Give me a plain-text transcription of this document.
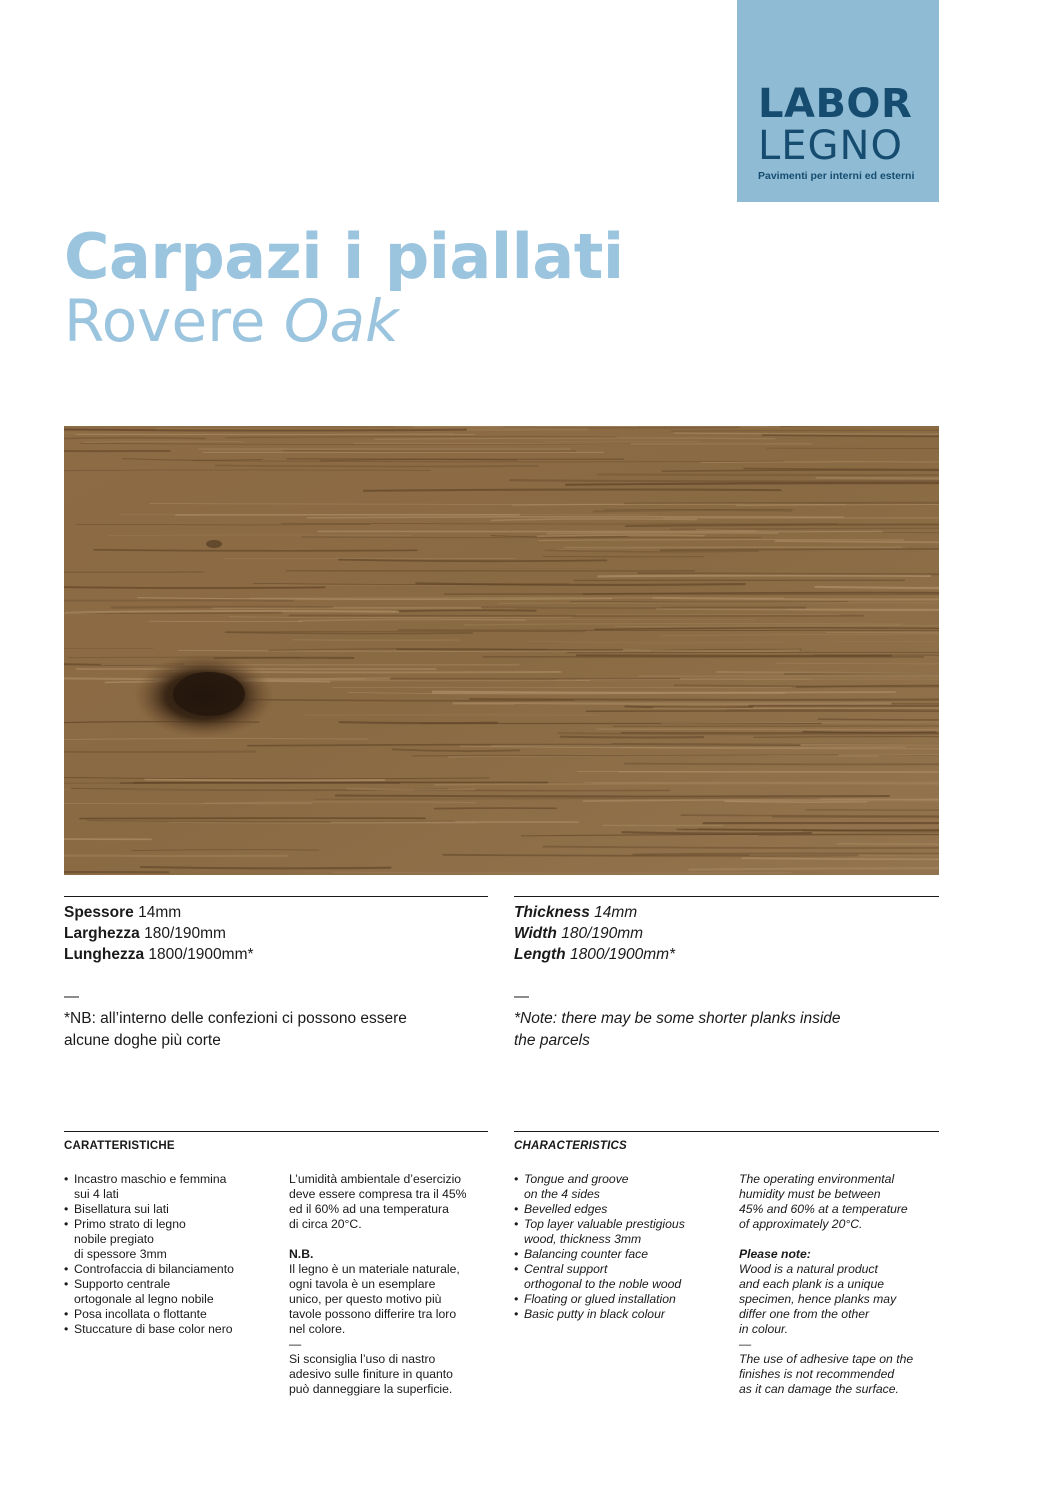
LABOR
LEGNO
Pavimenti per interni ed esterni
Carpazi i piallati
Rovere Oak
Spessore 14mm
Larghezza 180/190mm
Lunghezza 1800/1900mm*
Thickness 14mm
Width 180/190mm
Length 1800/1900mm*
—
*NB: all’interno delle confezioni ci possono essere
alcune doghe più corte
—
*Note: there may be some shorter planks inside
the parcels
CARATTERISTICHE
• Incastro maschio e femmina
sui 4 lati
• Bisellatura sui lati
• Primo strato di legno
nobile pregiato
di spessore 3mm
• Controfaccia di bilanciamento
• Supporto centrale
ortogonale al legno nobile
• Posa incollata o flottante
• Stuccature di base color nero
L’umidità ambientale d’esercizio
deve essere compresa tra il 45%
ed il 60% ad una temperatura
di circa 20°C.
N.B.
Il legno è un materiale naturale,
ogni tavola è un esemplare
unico, per questo motivo più
tavole possono differire tra loro
nel colore.
—
Si sconsiglia l’uso di nastro
adesivo sulle finiture in quanto
può danneggiare la superficie.
CHARACTERISTICS
• Tongue and groove
on the 4 sides
• Bevelled edges
• Top layer valuable prestigious
wood, thickness 3mm
• Balancing counter face
• Central support
orthogonal to the noble wood
• Floating or glued installation
• Basic putty in black colour
The operating environmental
humidity must be between
45% and 60% at a temperature
of approximately 20°C.
Please note:
Wood is a natural product
and each plank is a unique
specimen, hence planks may
differ one from the other
in colour.
—
The use of adhesive tape on the
finishes is not recommended
as it can damage the surface.
